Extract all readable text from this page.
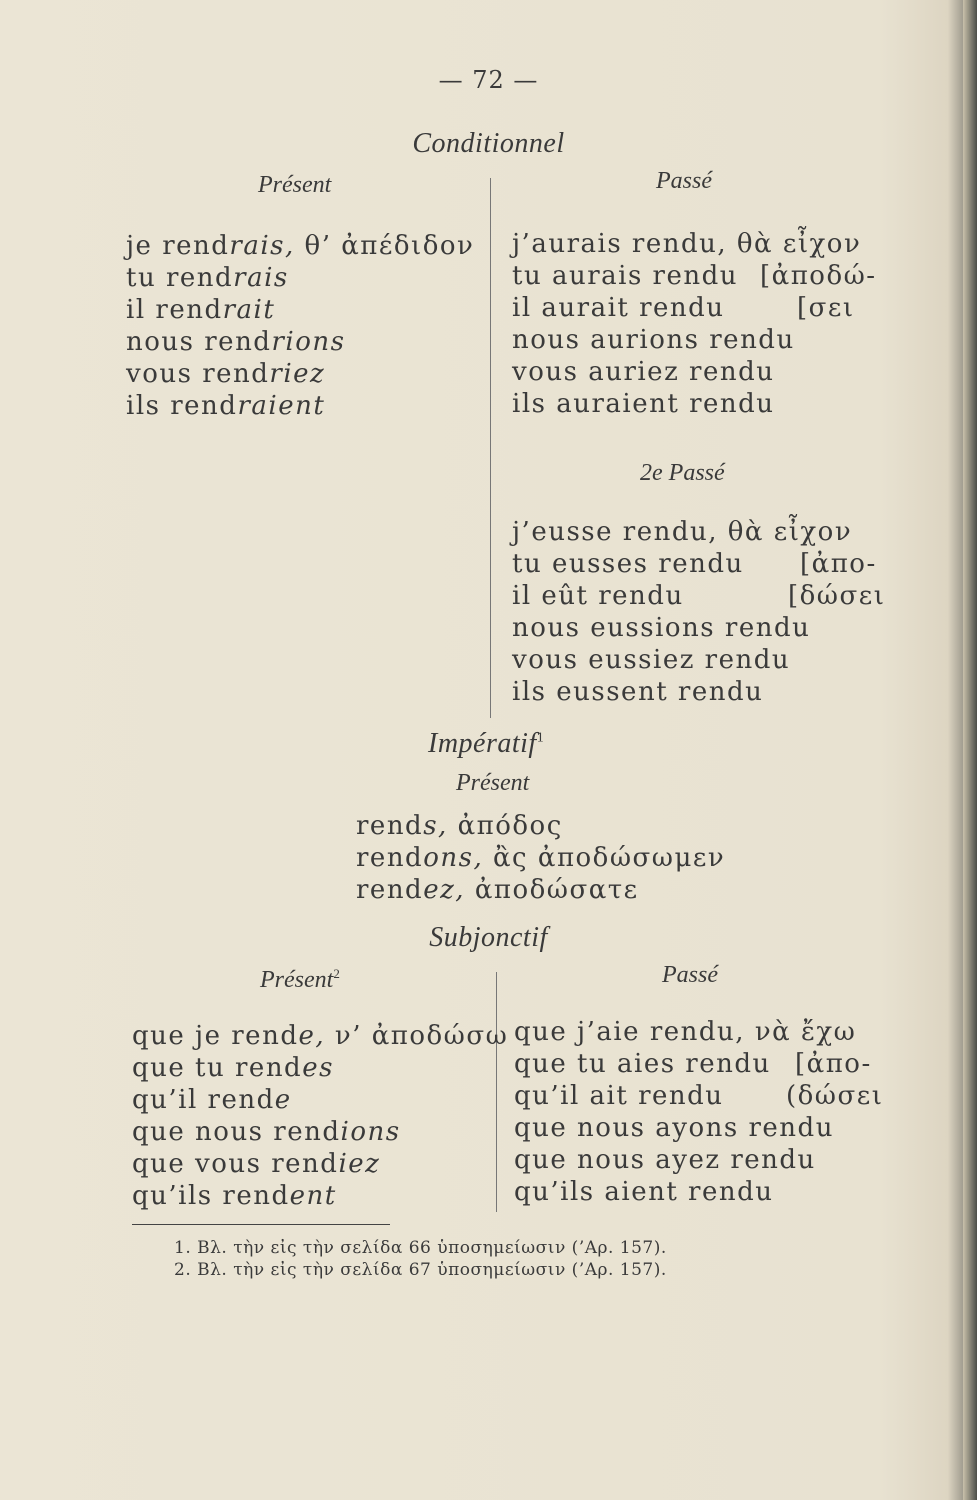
— 72 —
Conditionnel
Présent	Passé
je rendrais, θ’ ἀπέδιδον
tu rendrais
il rendrait
nous rendrions
vous rendriez
ils rendraient
j’aurais rendu, θὰ εἶχον
tu aurais rendu
il aurait rendu
nous aurions rendu
vous auriez rendu
ils auraient rendu
[ἀποδώ-
[σει
2e Passé
j’eusse rendu, θὰ εἶχον
tu eusses rendu
il eût rendu
nous eussions rendu
vous eussiez rendu
ils eussent rendu
[ἀπο-
[δώσει
Impératif$^1$
Présent
rends, ἀπόδος
rendons, ἂς ἀποδώσωμεν
rendez, ἀποδώσατε
Subjonctif
Présent$^2$	Passé
que je rende, ν’ ἀποδώσω
que tu rendes
qu’il rende
que nous rendions
que vous rendiez
qu’ils rendent
que j’aie rendu, νὰ ἔχω
que tu aies rendu
qu’il ait rendu
que nous ayons rendu
que nous ayez rendu
qu’ils aient rendu
[ἀπο-
(δώσει
1. Βλ. τὴν εἰς τὴν σελίδα 66 ὑποσημείωσιν (’Αρ. 157).
2. Βλ. τὴν εἰς τὴν σελίδα 67 ὑποσημείωσιν (’Αρ. 157).
